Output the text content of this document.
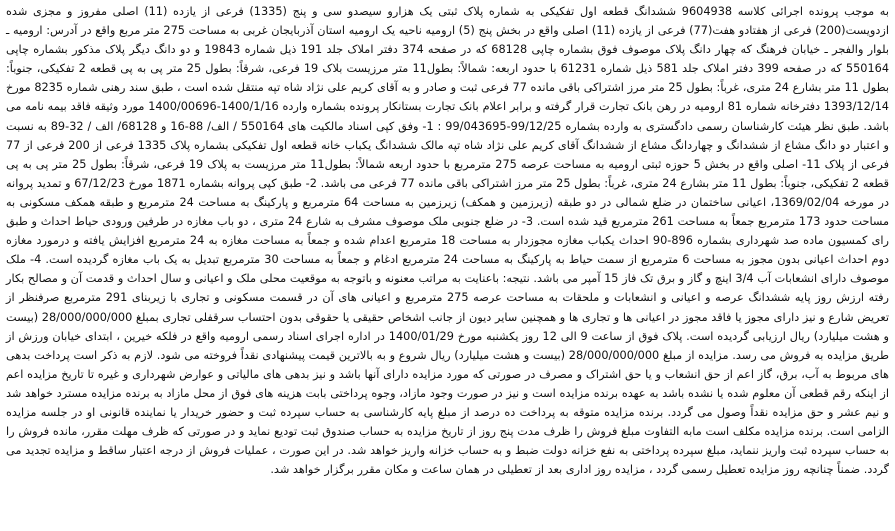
به موجب پرونده اجرائی کلاسه 9604938 ششدانگ قطعه اول تفکیکی به شماره پلاک ثبتی یک هزارو سیصدو سی و پنج (1335) فرعی از یازده (11) اصلی مفروز و مجزی شده ازدویست(200) فرعی از هفتادو هفت(77) فرعی از یازده (11) اصلی واقع در بخش پنج (5) ارومیه ناحیه یک ارومیه استان آذربایجان غربی به مساحت 275 متر مربع واقع در آدرس: ارومیه ـ بلوار والفجر ـ خیابان فرهنگ که چهار دانگ پلاک موصوف فوق بشماره چاپی 68128 که در صفحه 374 دفتر املاک جلد 191 ذیل شماره 19843 و دو دانگ دیگر پلاک مذکور بشماره چاپی 550164 که در صفحه 399 دفتر املاک جلد 581 ذیل شماره 61231 با حدود اربعه: شمالاً: بطول11 متر مرزیست بلاک 19 فرعی، شرقاً: بطول 25 متر پی به پی قطعه 2 تفکیکی، جنوباً: بطول 11 متر بشارع 24 متری، غرباً: بطول 25 متر مرز اشتراکی باقی مانده 77 فرعی ثبت و صادر و به آقای کریم علی نژاد شاه تپه منتقل شده است ، طبق سند رهنی شماره 8235 مورخ 1393/12/14 دفترخانه شماره 81 ارومیه در رهن بانک تجارت قرار گرفته و برابر اعلام بانک تجارت بستانکار پرونده بشماره وارده 1400/1/16-1400/00696 مورد وثیقه فاقد بیمه نامه می باشد. طبق نظر هیئت کارشناسان رسمی دادگستری به وارده بشماره 99/12/25-99/043695 : 1- وفق کپی اسناد مالکیت های 550164 / الف/ 88-16 و 68128/ الف / 32-89 به نسبت و اعتبار دو دانگ مشاع از ششدانگ و چهاردانگ مشاع از ششدانگ آقای کریم علی نژاد شاه تپه مالک ششدانگ یکباب خانه قطعه اول تفکیکی بشماره پلاک 1335 فرعی از 200 فرعی از 77 فرعی از پلاک 11- اصلی واقع در بخش 5 حوزه ثبتی ارومیه به مساحت عرصه 275 مترمربع با حدود اربعه شمالاً: بطول11 متر مرزیست به پلاک 19 فرعی، شرقاً: بطول 25 متر پی به پی قطعه 2 تفکیکی، جنوباً: بطول 11 متر بشارع 24 متری، غرباً: بطول 25 متر مرز اشتراکی باقی مانده 77 فرعی می باشد. 2- طبق کپی پروانه بشماره 1871 مورخ 67/12/23 و تمدید پروانه در مورخه 1369/02/04، اعیانی ساختمان در ضلع شمالی در دو طبقه (زیرزمین و همکف) زیرزمین به مساحت 64 مترمربع و پارکینگ به مساحت 24 مترمربع و طبقه همکف مسکونی به مساحت حدود 173 مترمربع جمعاً به مساحت 261 مترمربع قید شده است. 3- در ضلع جنوبی ملک موصوف مشرف به شارع 24 متری ، دو باب مغازه در طرفین ورودی حیاط احداث و طبق رای کمسیون ماده صد شهرداری بشماره 896-90 احداث یکباب مغازه مجوزدار به مساحت 18 مترمربع اعدام شده و جمعاً به مساحت مغازه به 24 مترمربع افزایش یافته و درمورد مغازه دوم احداث اعیانی بدون مجوز به مساحت 6 مترمربع از سمت حیاط به پارکینگ به مساحت 24 مترمربع ادغام و جمعاً به مساحت 30 مترمربع تبدیل به یک باب مغازه گردیده است. 4- ملک موصوف دارای انشعابات آب 3/4 اینچ و گاز و برق تک فاز 15 آمپر می باشد. نتیجه: باعنایت به مراتب معنونه و باتوجه به موقعیت محلی ملک و اعیانی و سال احداث و قدمت آن و مصالح بکار رفته ارزش روز پایه ششدانگ عرصه و اعیانی و انشعابات و ملحقات به مساحت عرصه 275 مترمربع و اعیانی های آن در قسمت مسکونی و تجاری با زیربنای 291 مترمربع صرفنظر از تعریض شارع و نیز دارای مجوز یا فاقد مجوز در اعیانی ها و تجاری ها و همچنین سایر دیون از جانب اشخاص حقیقی یا حقوقی بدون احتساب سرقفلی تجاری بمبلغ 28/000/000/000 (بیست و هشت میلیارد) ریال ارزیابی گردیده است. پلاک فوق از ساعت 9 الی 12 روز یکشنبه مورخ 1400/01/29 در اداره اجرای اسناد رسمی ارومیه واقع در فلکه خیرین ، ابتدای خیابان ورزش از طریق مزایده به فروش می رسد. مزایده از مبلغ 28/000/000/000 (بیست و هشت میلیارد) ریال شروع و به بالاترین قیمت پیشنهادی نقداً فروخته می شود. لازم به ذکر است پرداخت بدهی های مربوط به آب، برق، گاز اعم از حق انشعاب و یا حق اشتراک و مصرف در صورتی که مورد مزایده دارای آنها باشد و نیز بدهی های مالیاتی و عوارض شهرداری و غیره تا تاریخ مزایده اعم از اینکه رقم قطعی آن معلوم شده یا نشده باشد به عهده برنده مزایده است و نیز در صورت وجود مازاد، وجوه پرداختی بابت هزینه های فوق از محل مازاد به برنده مزایده مسترد خواهد شد و نیم عشر و حق مزایده نقداً وصول می گردد. برنده مزایده متوقه به پرداخت ده درصد از مبلغ پایه کارشناسی به حساب سپرده ثبت و حضور خریدار یا نماینده قانونی او در جلسه مزایده الزامی است. برنده مزایده مکلف است مابه التفاوت مبلغ فروش را ظرف مدت پنج روز از تاریخ مزایده به حساب صندوق ثبت تودیع نماید و در صورتی که ظرف مهلت مقرر، مانده فروش را به حساب سپرده ثبت واریز ننماید، مبلغ سپرده پرداختی به نفع خزانه دولت ضبط و به حساب خزانه واریز خواهد شد. در این صورت ، عملیات فروش از درجه اعتبار ساقط و مزایده تجدید می گردد. ضمناً چنانچه روز مزایده تعطیل رسمی گردد ، مزایده روز اداری بعد از تعطیلی در همان ساعت و مکان مقرر برگزار خواهد شد.
